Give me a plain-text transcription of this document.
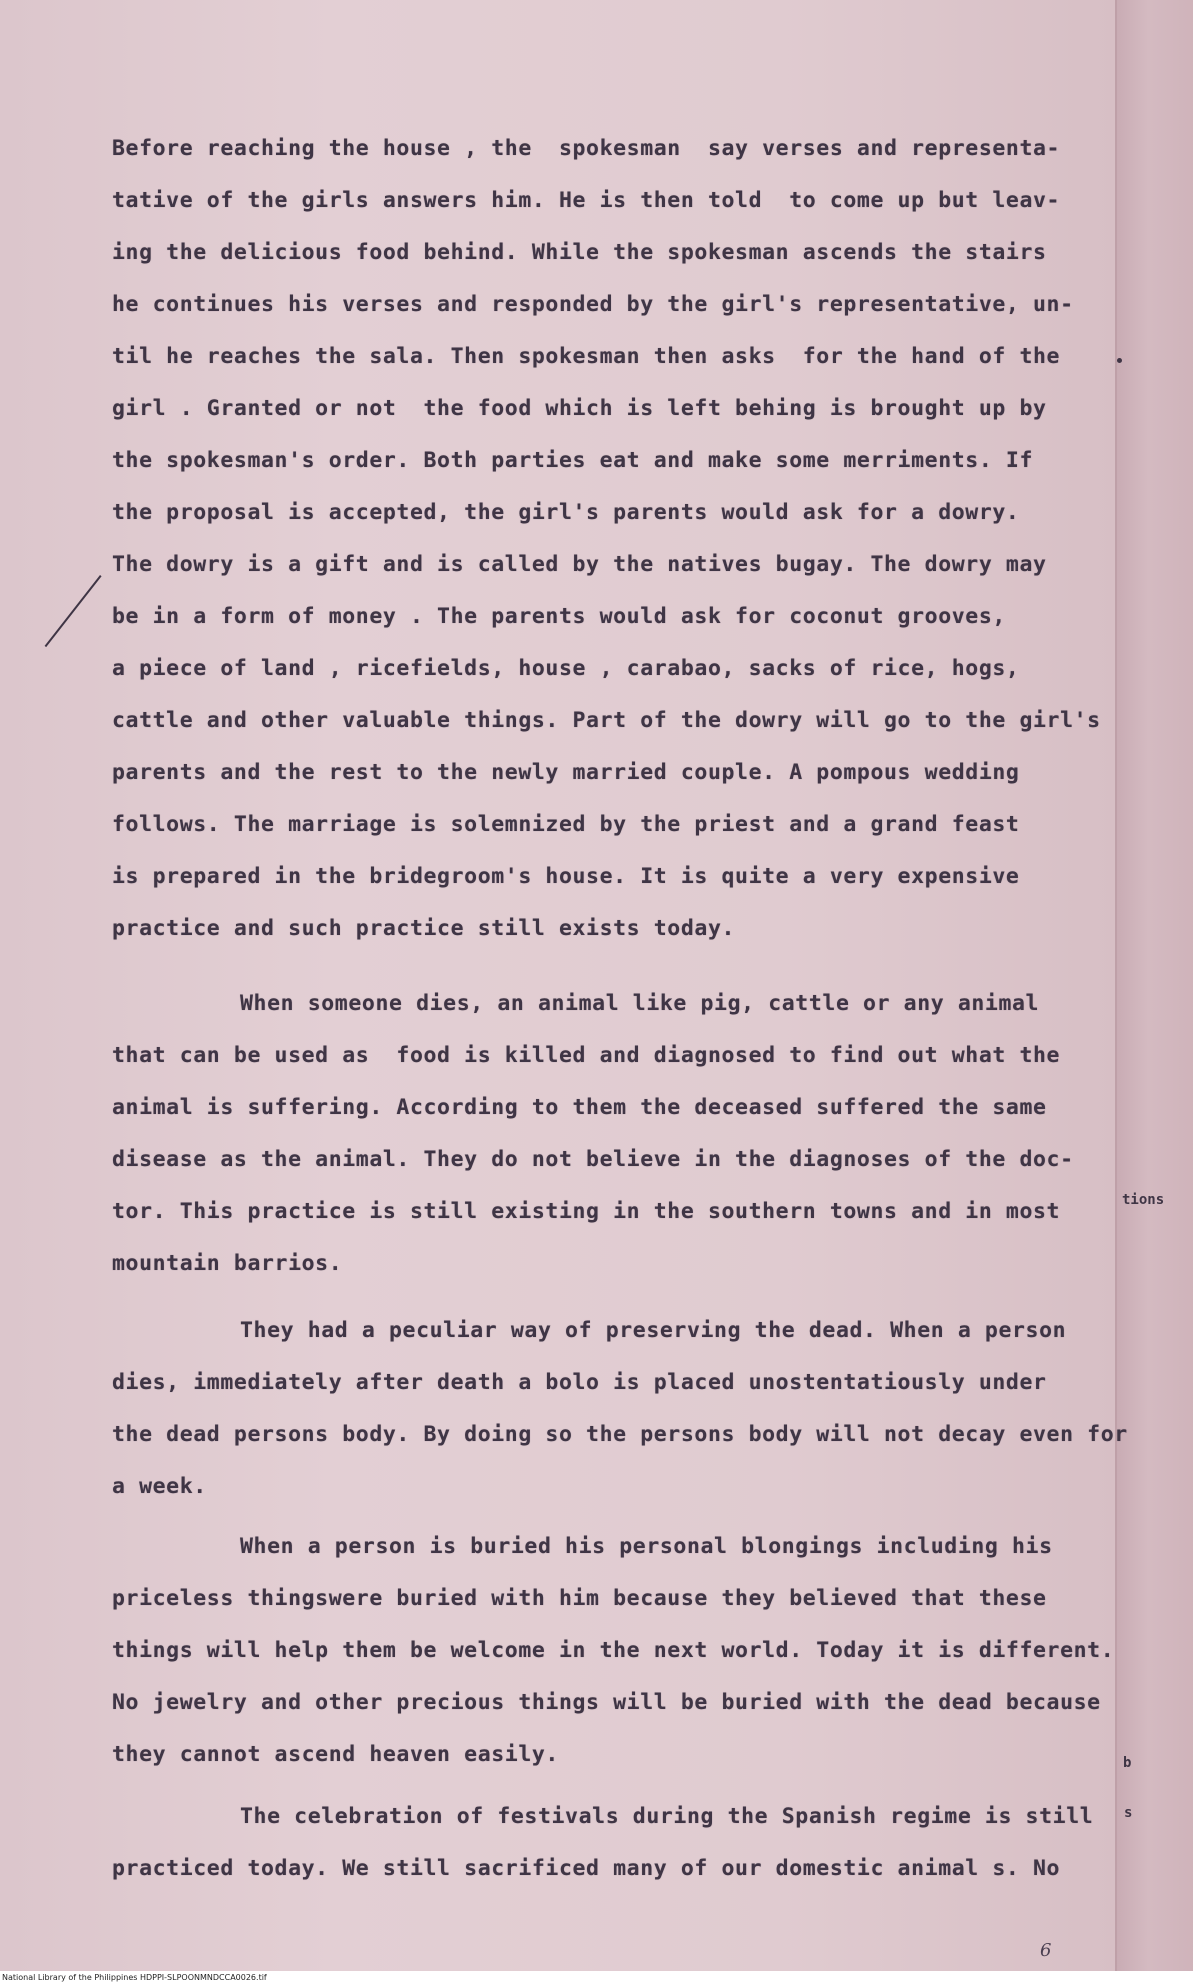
Before reaching the house , the  spokesman  say verses and representa-
tative of the girls answers him. He is then told  to come up but leav-
ing the delicious food behind. While the spokesman ascends the stairs
he continues his verses and responded by the girl's representative, un-
til he reaches the sala. Then spokesman then asks  for the hand of the
girl . Granted or not  the food which is left behing is brought up by
the spokesman's order. Both parties eat and make some merriments. If
the proposal is accepted, the girl's parents would ask for a dowry.
The dowry is a gift and is called by the natives bugay. The dowry may
be in a form of money . The parents would ask for coconut grooves,
a piece of land , ricefields, house , carabao, sacks of rice, hogs,
cattle and other valuable things. Part of the dowry will go to the girl's
parents and the rest to the newly married couple. A pompous wedding
follows. The marriage is solemnized by the priest and a grand feast
is prepared in the bridegroom's house. It is quite a very expensive
practice and such practice still exists today.
When someone dies, an animal like pig, cattle or any animal
that can be used as  food is killed and diagnosed to find out what the
animal is suffering. According to them the deceased suffered the same
disease as the animal. They do not believe in the diagnoses of the doc-
tor. This practice is still existing in the southern towns and in most
mountain barrios.
They had a peculiar way of preserving the dead. When a person
dies, immediately after death a bolo is placed unostentatiously under
the dead persons body. By doing so the persons body will not decay even for
a week.
When a person is buried his personal blongings including his
priceless thingswere buried with him because they believed that these
things will help them be welcome in the next world. Today it is different.
No jewelry and other precious things will be buried with the dead because
they cannot ascend heaven easily.
The celebration of festivals during the Spanish regime is still
practiced today. We still sacrificed many of our domestic animal s. No
tions
b
s
6
National Library of the Philippines HDPPI-SLPOONMNDCCA0026.tif
